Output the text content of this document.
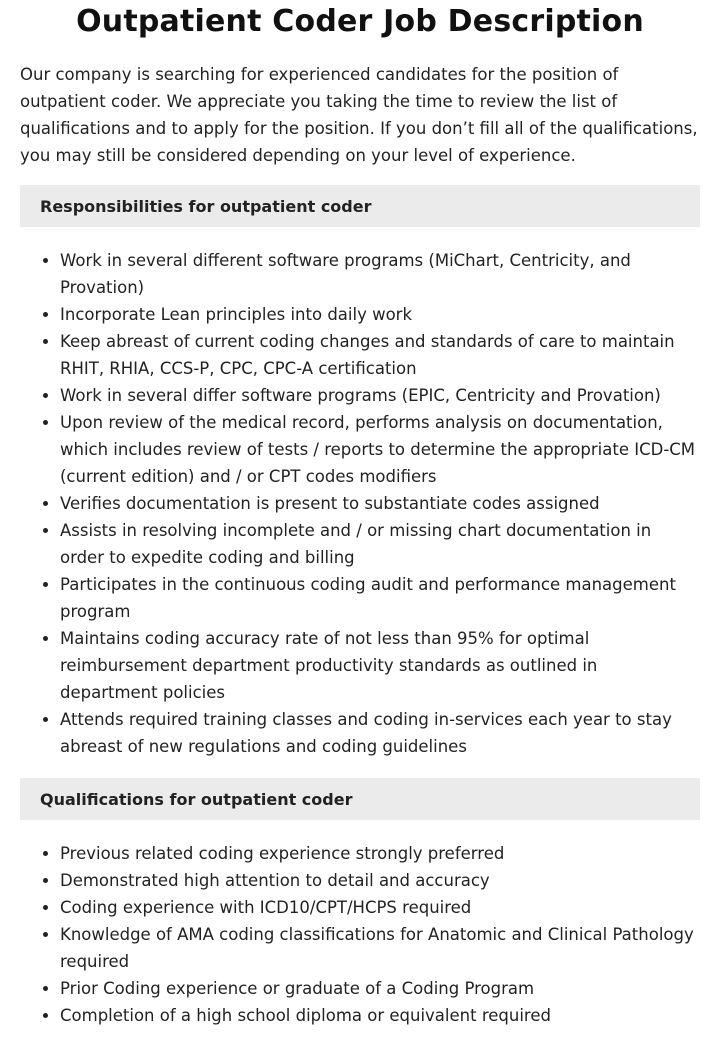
Outpatient Coder Job Description

Our company is searching for experienced candidates for the position of outpatient coder. We appreciate you taking the time to review the list of qualifications and to apply for the position. If you don’t fill all of the qualifications, you may still be considered depending on your level of experience.

Responsibilities for outpatient coder
Work in several different software programs (MiChart, Centricity, and Provation)
Incorporate Lean principles into daily work
Keep abreast of current coding changes and standards of care to maintain RHIT, RHIA, CCS-P, CPC, CPC-A certification
Work in several differ software programs (EPIC, Centricity and Provation)
Upon review of the medical record, performs analysis on documentation, which includes review of tests / reports to determine the appropriate ICD-CM (current edition) and / or CPT codes modifiers
Verifies documentation is present to substantiate codes assigned
Assists in resolving incomplete and / or missing chart documentation in order to expedite coding and billing
Participates in the continuous coding audit and performance management program
Maintains coding accuracy rate of not less than 95% for optimal reimbursement department productivity standards as outlined in department policies
Attends required training classes and coding in-services each year to stay abreast of new regulations and coding guidelines
Qualifications for outpatient coder
Previous related coding experience strongly preferred
Demonstrated high attention to detail and accuracy
Coding experience with ICD10/CPT/HCPS required
Knowledge of AMA coding classifications for Anatomic and Clinical Pathology required
Prior Coding experience or graduate of a Coding Program
Completion of a high school diploma or equivalent required
